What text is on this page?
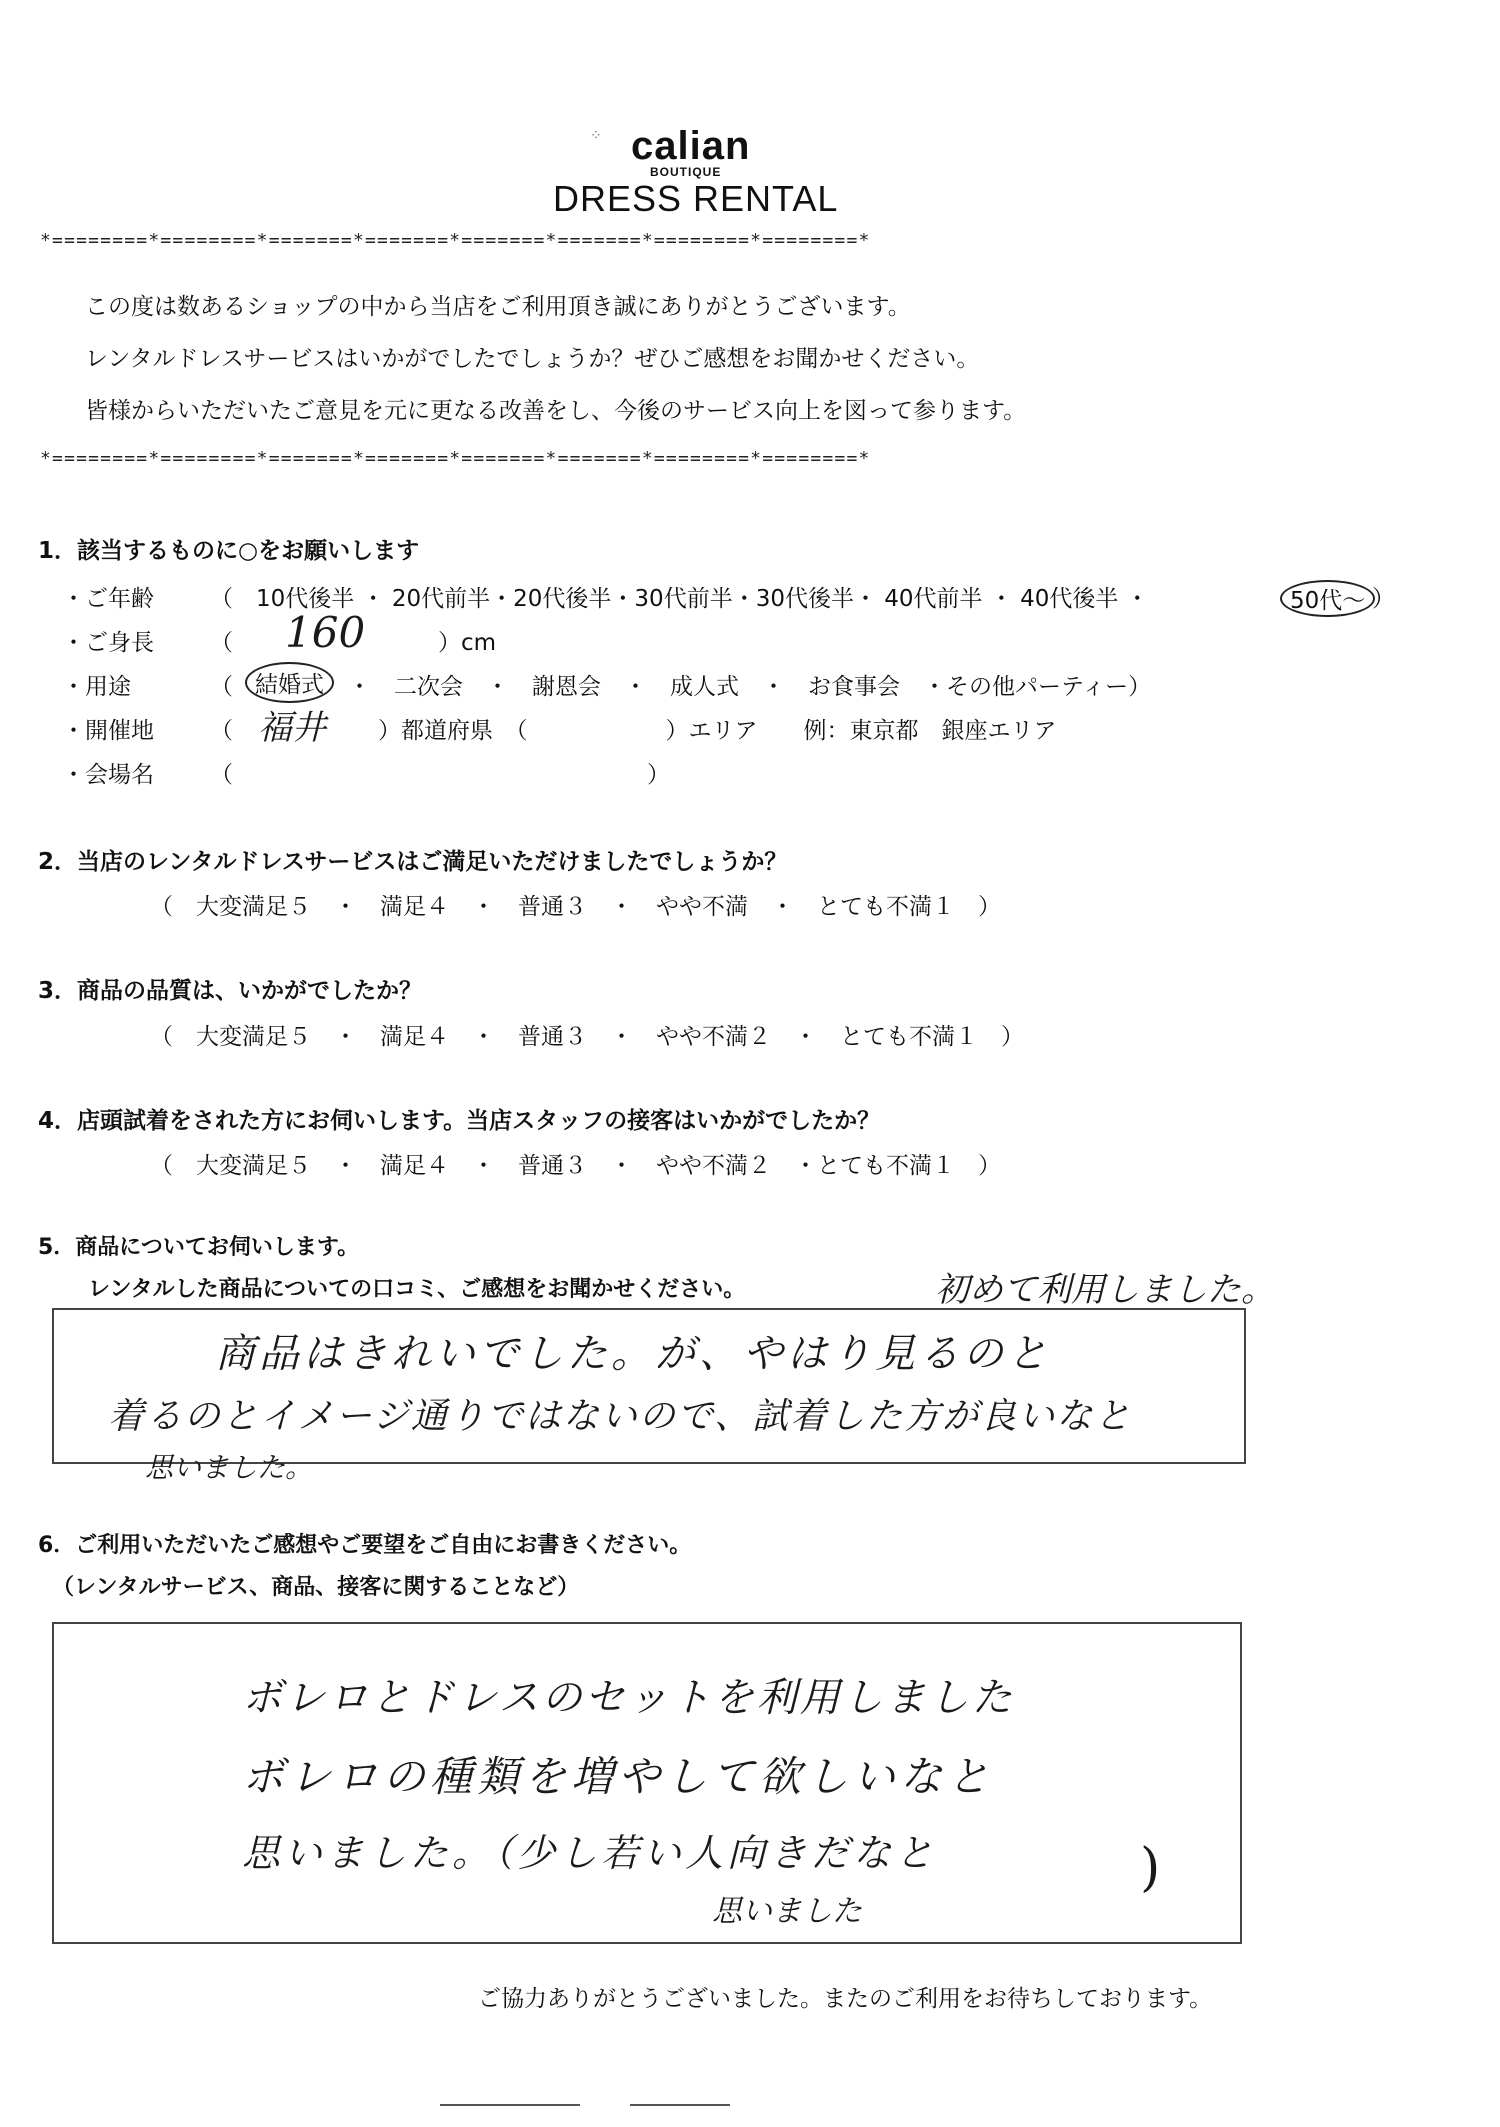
⁘ calian
BOUTIQUE
DRESS RENTAL
*========*========*=======*=======*=======*=======*========*========*
この度は数あるショップの中から当店をご利用頂き誠にありがとうございます。
レンタルドレスサービスはいかがでしたでしょうか？ぜひご感想をお聞かせください。
皆様からいただいたご意見を元に更なる改善をし、今後のサービス向上を図って参ります。
*========*========*=======*=======*=======*=======*========*========*
1．該当するものに○をお願いします
・ご年齢 （　10代後半 ・ 20代前半・20代後半・30代前半・30代後半・ 40代前半 ・ 40代後半 ・	50代～ ）
・ご身長 （ 160	）cm
・用途	（ 結婚式	・　二次会　・　謝恩会　・　成人式　・　お食事会　・その他パーティー）
・開催地 （ 福井 ）都道府県　（　　　　　　）エリア　　例：東京都　銀座エリア
・会場名 （　　　　　　　　　　　　　　　　　　）
2．当店のレンタルドレスサービスはご満足いただけましたでしょうか？
（　大変満足５　・　満足４　・　普通３　・　やや不満　・　とても不満１　）
3．商品の品質は、いかがでしたか？
（　大変満足５　・　満足４　・　普通３　・　やや不満２　・　とても不満１　）
4．店頭試着をされた方にお伺いします。当店スタッフの接客はいかがでしたか？
（　大変満足５　・　満足４　・　普通３　・　やや不満２　・とても不満１　）
5．商品についてお伺いします。
レンタルした商品についての口コミ、ご感想をお聞かせください。	初めて利用しました。
商品はきれいでした。が、やはり見るのと
着るのとイメージ通りではないので、試着した方が良いなと
思いました。
6．ご利用いただいたご感想やご要望をご自由にお書きください。
（レンタルサービス、商品、接客に関することなど）
ボレロとドレスのセットを利用しました
ボレロの種類を増やして欲しいなと
思いました。（少し若い人向きだなと
思いました
)
ご協力ありがとうございました。またのご利用をお待ちしております。
